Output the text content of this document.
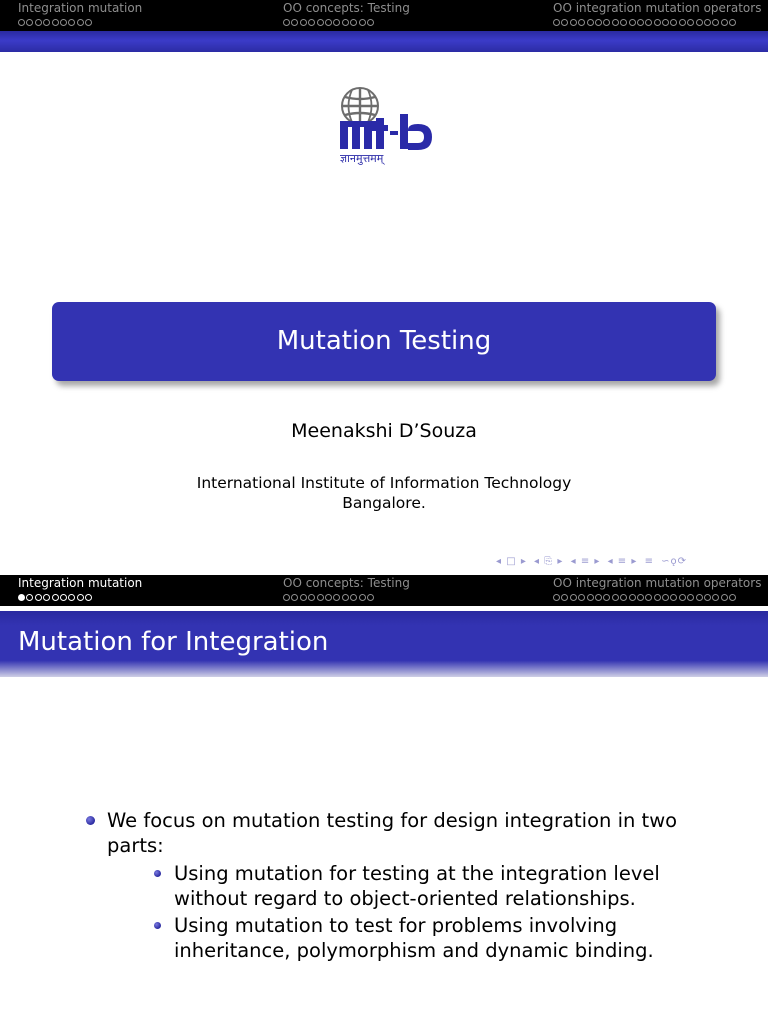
Integration mutation	OO concepts: Testing	OO integration mutation operators
ज्ञानमुत्तमम्
Mutation Testing
Meenakshi D’Souza
International Institute of Information Technology
Bangalore.
◂ □ ▸ ◂ ⎘ ▸ ◂ ≡ ▸ ◂ ≡ ▸ ≡ ∽ǫ⟳
Integration mutation	OO concepts: Testing	OO integration mutation operators
Mutation for Integration
We focus on mutation testing for design integration in two parts:
Using mutation for testing at the integration level without regard to object-oriented relationships.
Using mutation to test for problems involving inheritance, polymorphism and dynamic binding.
